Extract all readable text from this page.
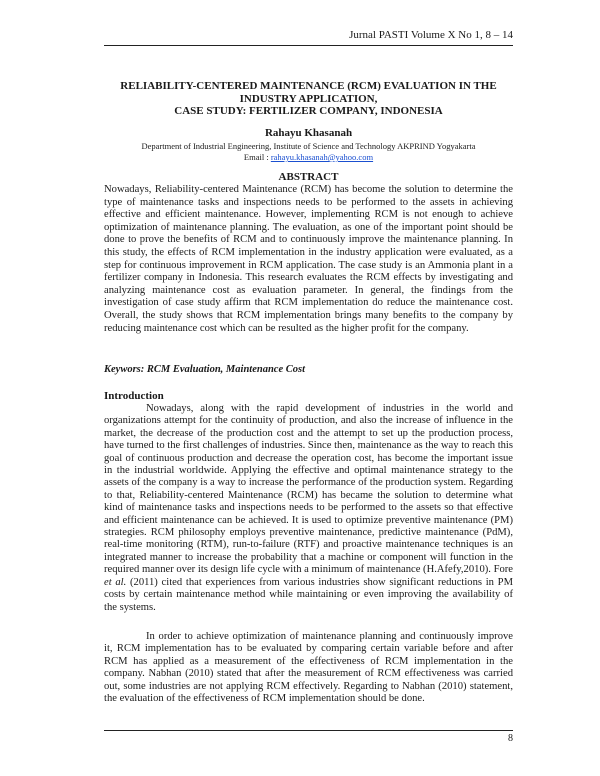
Jurnal PASTI Volume X No 1, 8 – 14
RELIABILITY-CENTERED MAINTENANCE (RCM) EVALUATION IN THE
INDUSTRY APPLICATION,
CASE STUDY: FERTILIZER COMPANY, INDONESIA
Rahayu Khasanah
Department of Industrial Engineering, Institute of Science and Technology AKPRIND Yogyakarta
Email : rahayu.khasanah@yahoo.com
ABSTRACT

Nowadays, Reliability-centered Maintenance (RCM) has become the solution to determine the type of maintenance tasks and inspections needs to be performed to the assets in achieving effective and efficient maintenance. However, implementing RCM is not enough to achieve optimization of maintenance planning. The evaluation, as one of the important point should be done to prove the benefits of RCM and to continuously improve the maintenance planning. In this study, the effects of RCM implementation in the industry application were evaluated, as a step for continuous improvement in RCM application. The case study is an Ammonia plant in a fertilizer company in Indonesia. This research evaluates the RCM effects by investigating and analyzing maintenance cost as evaluation parameter. In general, the findings from the investigation of case study affirm that RCM implementation do reduce the maintenance cost. Overall, the study shows that RCM implementation brings many benefits to the company by reducing maintenance cost which can be resulted as the higher profit for the company.

Keywors: RCM Evaluation, Maintenance Cost
Introduction

Nowadays, along with the rapid development of industries in the world and organizations attempt for the continuity of production, and also the increase of influence in the market, the decrease of the production cost and the attempt to set up the production process, have turned to the first challenges of industries. Since then, maintenance as the way to reach this goal of continuous production and decrease the operation cost, has become the important issue in the industrial worldwide. Applying the effective and optimal maintenance strategy to the assets of the company is a way to increase the performance of the production system. Regarding to that, Reliability-centered Maintenance (RCM) has became the solution to determine what kind of maintenance tasks and inspections needs to be performed to the assets so that effective and efficient maintenance can be achieved. It is used to optimize preventive maintenance (PM) strategies. RCM philosophy employs preventive maintenance, predictive maintenance (PdM), real-time monitoring (RTM), run-to-failure (RTF) and proactive maintenance techniques is an integrated manner to increase the probability that a machine or component will function in the required manner over its design life cycle with a minimum of maintenance (H.Afefy,2010). Fore et al. (2011) cited that experiences from various industries show significant reductions in PM costs by certain maintenance method while maintaining or even improving the availability of the systems.

In order to achieve optimization of maintenance planning and continuously improve it, RCM implementation has to be evaluated by comparing certain variable before and after RCM has applied as a measurement of the effectiveness of RCM implementation in the company. Nabhan (2010) stated that after the measurement of RCM effectiveness was carried out, some industries are not applying RCM effectively. Regarding to Nabhan (2010) statement, the evaluation of the effectiveness of RCM implementation should be done.

8
